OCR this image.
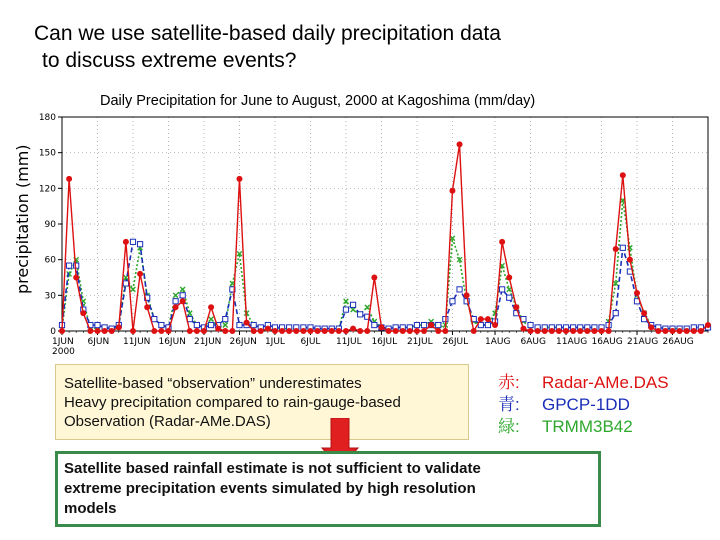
Can we use satellite-based daily precipitation data
to discuss extreme events?
Daily Precipitation for June to August, 2000 at Kagoshima (mm/day)
0
30
60
90
120
150
180
1JUN
2000
6JUN 11JUN 16JUN 21JUN 26JUN 1JUL 6JUL 11JUL 16JUL 21JUL 26JUL 1AUG 6AUG 11AUG 16AUG 21AUG 26AUG
precipitation (mm)
Satellite-based “observation” underestimates
Heavy precipitation compared to rain-gauge-based
Observation (Radar-AMe.DAS)
赤: Radar-AMe.DAS
青: GPCP-1DD
緑: TRMM3B42
Satellite based rainfall estimate is not sufficient to validate
extreme precipitation events simulated by high resolution
models
